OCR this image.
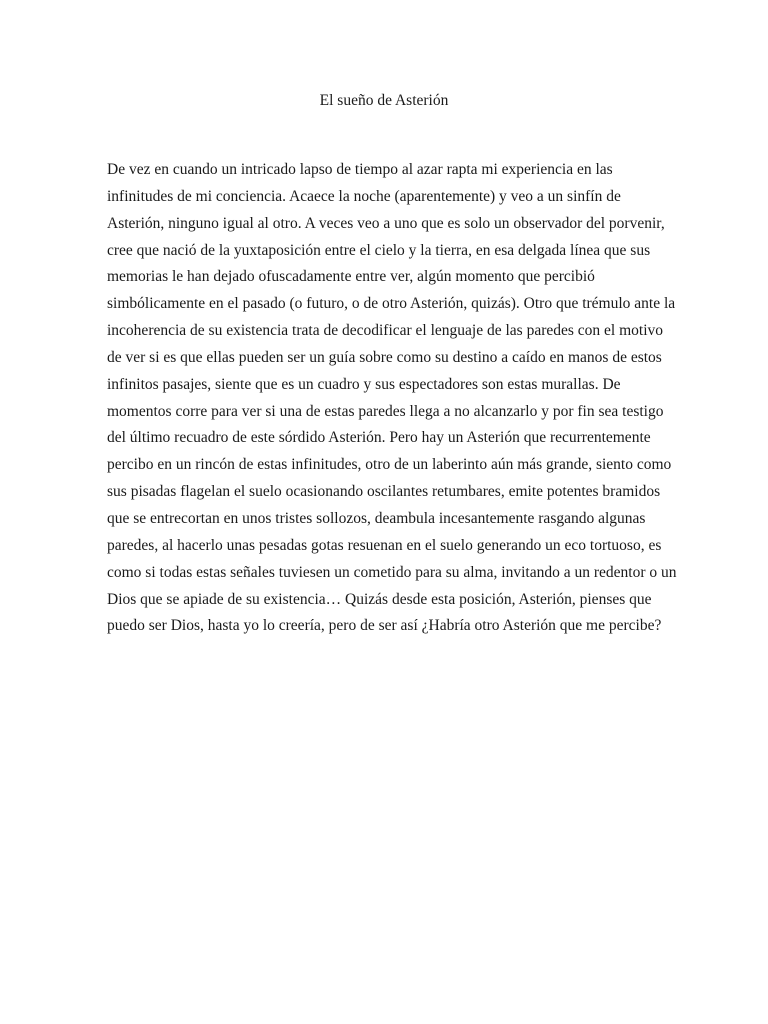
El sueño de Asterión
De vez en cuando un intricado lapso de tiempo al azar rapta mi experiencia en las
infinitudes de mi conciencia. Acaece la noche (aparentemente) y veo a un sinfín de
Asterión, ninguno igual al otro. A veces veo a uno que es solo un observador del porvenir,
cree que nació de la yuxtaposición entre el cielo y la tierra, en esa delgada línea que sus
memorias le han dejado ofuscadamente entre ver, algún momento que percibió
simbólicamente en el pasado (o futuro, o de otro Asterión, quizás). Otro que trémulo ante la
incoherencia de su existencia trata de decodificar el lenguaje de las paredes con el motivo
de ver si es que ellas pueden ser un guía sobre como su destino a caído en manos de estos
infinitos pasajes, siente que es un cuadro y sus espectadores son estas murallas. De
momentos corre para ver si una de estas paredes llega a no alcanzarlo y por fin sea testigo
del último recuadro de este sórdido Asterión. Pero hay un Asterión que recurrentemente
percibo en un rincón de estas infinitudes, otro de un laberinto aún más grande, siento como
sus pisadas flagelan el suelo ocasionando oscilantes retumbares, emite potentes bramidos
que se entrecortan en unos tristes sollozos, deambula incesantemente rasgando algunas
paredes, al hacerlo unas pesadas gotas resuenan en el suelo generando un eco tortuoso, es
como si todas estas señales tuviesen un cometido para su alma, invitando a un redentor o un
Dios que se apiade de su existencia… Quizás desde esta posición, Asterión, pienses que
puedo ser Dios, hasta yo lo creería, pero de ser así ¿Habría otro Asterión que me percibe?
